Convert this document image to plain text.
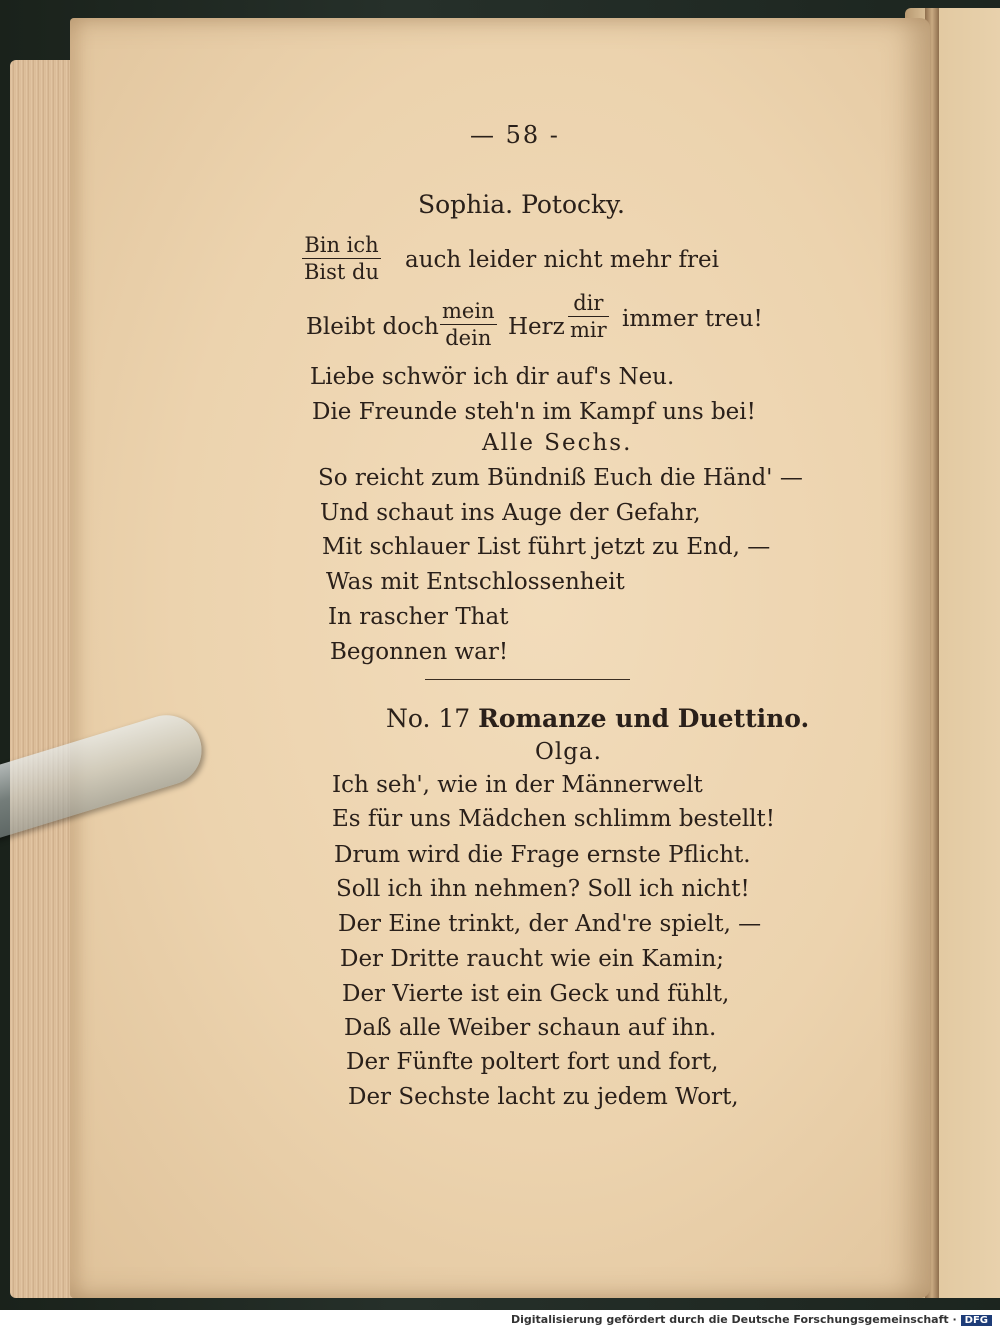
— 58 -
Sophia. Potocky.
Bin ich
Bist du auch leider nicht mehr frei
Bleibt doch
mein
dein Herz
dir
mir immer treu!
Liebe schwör ich dir auf's Neu.
Die Freunde steh'n im Kampf uns bei!
Alle Sechs.
So reicht zum Bündniß Euch die Händ' —
Und schaut ins Auge der Gefahr,
Mit schlauer List führt jetzt zu End, —
Was mit Entschlossenheit
In rascher That
Begonnen war!
No. 17 Romanze und Duettino.
Olga.
Ich seh', wie in der Männerwelt
Es für uns Mädchen schlimm bestellt!
Drum wird die Frage ernste Pflicht.
Soll ich ihn nehmen? Soll ich nicht!
Der Eine trinkt, der And're spielt, —
Der Dritte raucht wie ein Kamin;
Der Vierte ist ein Geck und fühlt,
Daß alle Weiber schaun auf ihn.
Der Fünfte poltert fort und fort,
Der Sechste lacht zu jedem Wort,
Digitalisierung gefördert durch die Deutsche Forschungsgemeinschaft · DFG
